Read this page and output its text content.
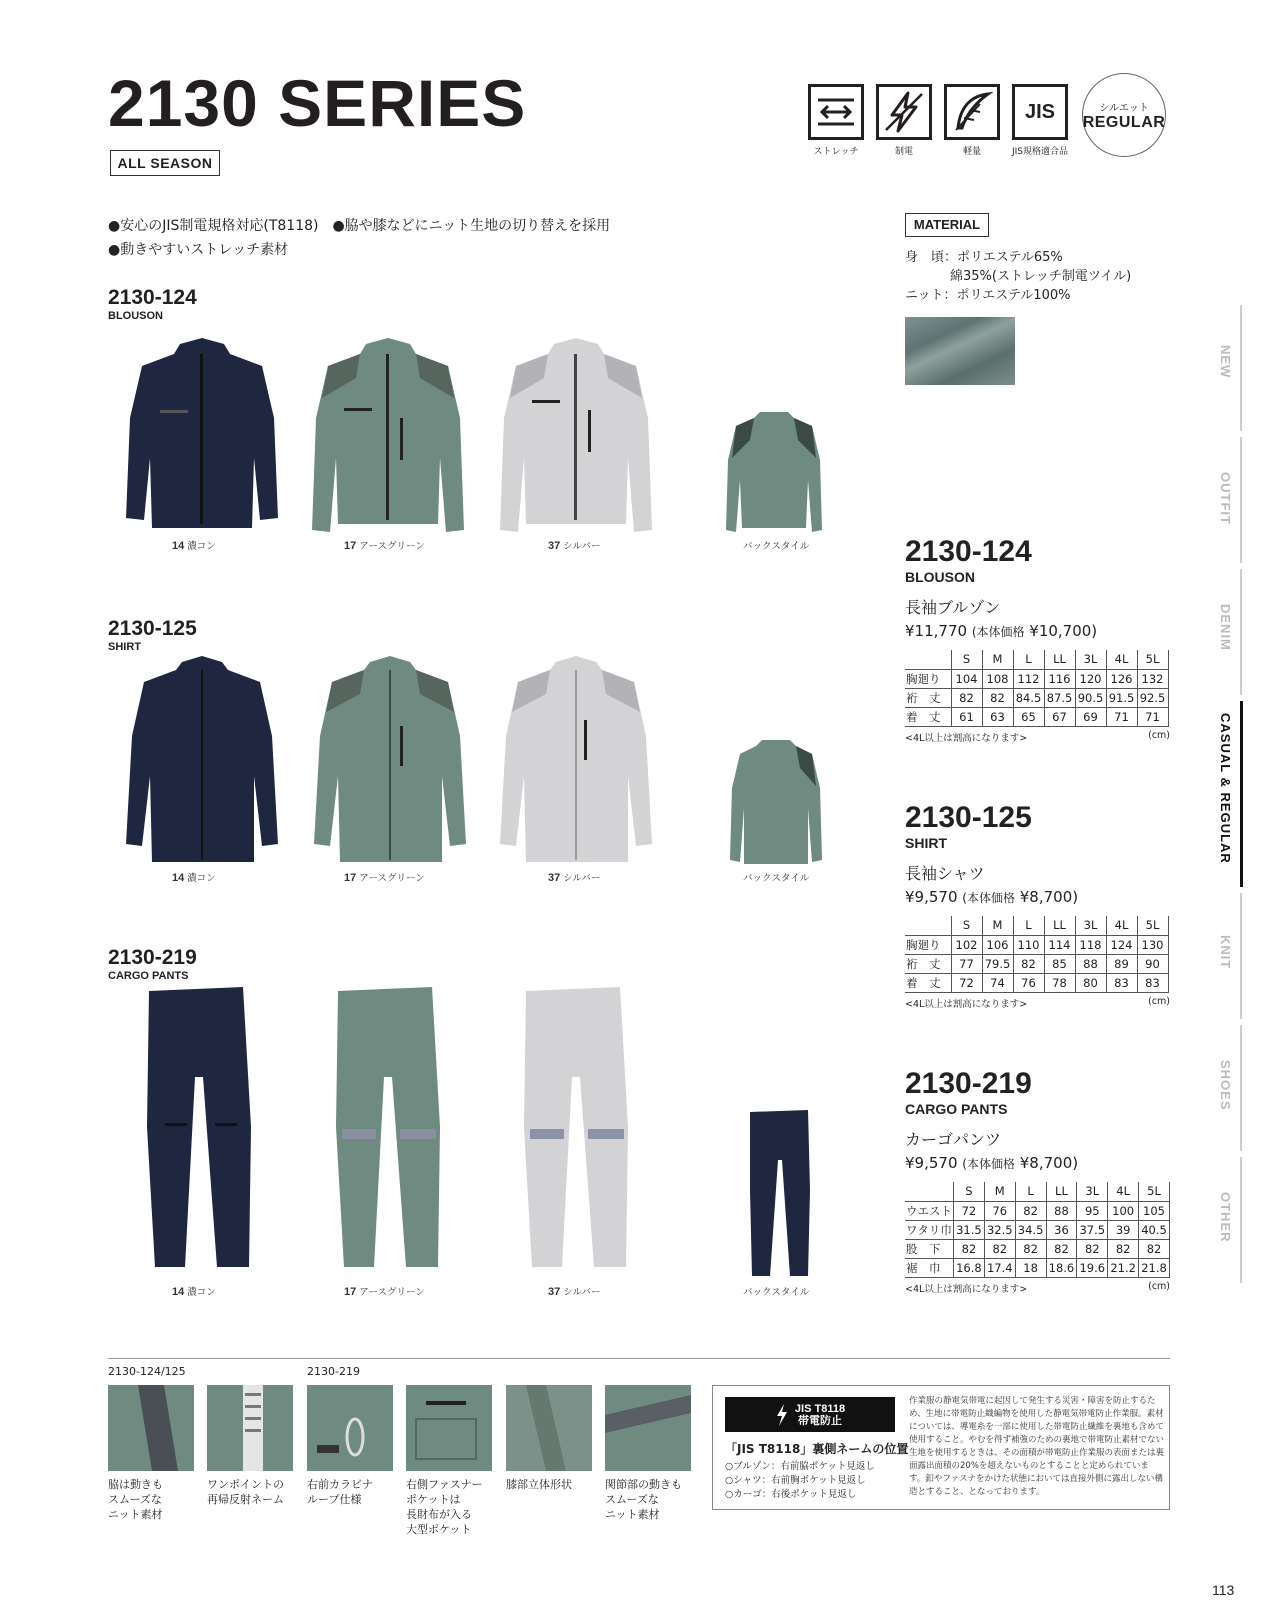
2130 SERIES
ALL SEASON
ストレッチ	制電	軽量
JIS
JIS規格適合品
シルエット
REGULAR
●安心のJIS制電規格対応(T8118)　 ●脇や膝などにニット生地の切り替えを採用
●動きやすいストレッチ素材
MATERIAL
身　頃：ポリエステル65%
綿35%(ストレッチ制電ツイル)
ニット：ポリエステル100%
2130-124
BLOUSON
2130-125
SHIRT
2130-219
CARGO PANTS
14 濃コン	17 アースグリーン	37 シルバー	バックスタイル
14 濃コン	17 アースグリーン	37 シルバー	バックスタイル
14 濃コン	17 アースグリーン	37 シルバー	バックスタイル
2130-124
BLOUSON
長袖ブルゾン
¥11,770 (本体価格 ¥10,700)
	S	M	L	LL	3L	4L	5L
胸廻り	104	108	112	116	120	126	132
裄　丈	82	82	84.5	87.5	90.5	91.5	92.5
着　丈	61	63	65	67	69	71	71
<4L以上は割高になります>	(cm)
2130-125
SHIRT
長袖シャツ
¥9,570 (本体価格 ¥8,700)
	S	M	L	LL	3L	4L	5L
胸廻り	102	106	110	114	118	124	130
裄　丈	77	79.5	82	85	88	89	90
着　丈	72	74	76	78	80	83	83
<4L以上は割高になります>	(cm)
2130-219
CARGO PANTS
カーゴパンツ
¥9,570 (本体価格 ¥8,700)
	S	M	L	LL	3L	4L	5L
ウエスト	72	76	82	88	95	100	105
ワタリ巾	31.5	32.5	34.5	36	37.5	39	40.5
股　下	82	82	82	82	82	82	82
裾　巾	16.8	17.4	18	18.6	19.6	21.2	21.8
<4L以上は割高になります>	(cm)
NEW
OUTFIT
DENIM
CASUAL & REGULAR
KNIT
SHOES
OTHER
2130-124/125	2130-219
脇は動きも
スムーズな
ニット素材
ワンポイントの
再帰反射ネーム
右前カラビナ
ループ仕様
右側ファスナー
ポケットは
長財布が入る
大型ポケット
膝部立体形状	関節部の動きも
スムーズな
ニット素材
JIS T8118
帯電防止
「JIS T8118」裏側ネームの位置
○ブルゾン：右前脇ポケット見返し
○シャツ：右前胸ポケット見返し
○カーゴ：右後ポケット見返し
作業服の静電気帯電に起因して発生する災害・障害を防止するため、生地に帯電防止織編物を使用した静電気帯電防止作業服。素材については、導電糸を一部に使用した帯電防止繊維を裏地も含めて使用すること。やむを得ず補強のための裏地で帯電防止素材でない生地を使用するときは、その面積が帯電防止作業服の表面または裏面露出面積の20%を超えないものとすることと定められています。釦やファスナをかけた状態においては直接外側に露出しない構造とすること、となっております。
113
